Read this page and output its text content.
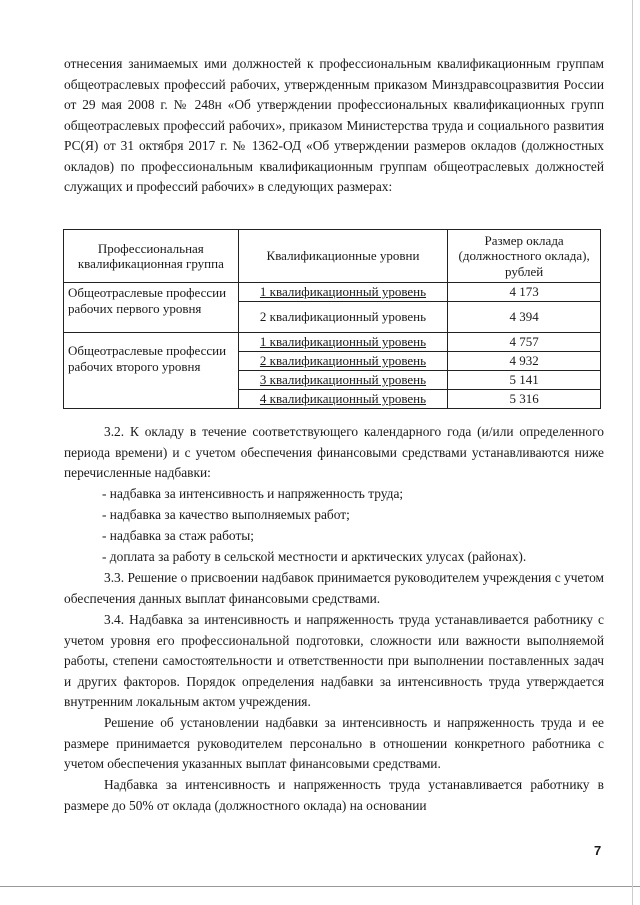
отнесения занимаемых ими должностей к профессиональным квалификационным группам общеотраслевых профессий рабочих, утвержденным приказом Минздравсоцразвития России от 29 мая 2008 г. № 248н «Об утверждении профессиональных квалификационных групп общеотраслевых профессий рабочих», приказом Министерства труда и социального развития РС(Я) от 31 октября 2017 г. № 1362-ОД «Об утверждении размеров окладов (должностных окладов) по профессиональным квалификационным группам общеотраслевых должностей служащих и профессий рабочих» в следующих размерах:

Профессиональная квалификационная группа	Квалификационные уровни	Размер оклада (должностного оклада), рублей
Общеотраслевые профессии рабочих первого уровня	1 квалификационный уровень	4 173
	2 квалификационный уровень	4 394
Общеотраслевые профессии рабочих второго уровня	1 квалификационный уровень	4 757
	2 квалификационный уровень	4 932
	3 квалификационный уровень	5 141
	4 квалификационный уровень	5 316

3.2. К окладу в течение соответствующего календарного года (и/или определенного периода времени) и с учетом обеспечения финансовыми средствами устанавливаются ниже перечисленные надбавки:

- надбавка за интенсивность и напряженность труда;

- надбавка за качество выполняемых работ;

- надбавка за стаж работы;

- доплата за работу в сельской местности и арктических улусах (районах).

3.3. Решение о присвоении надбавок принимается руководителем учреждения с учетом обеспечения данных выплат финансовыми средствами.

3.4. Надбавка за интенсивность и напряженность труда устанавливается работнику с учетом уровня его профессиональной подготовки, сложности или важности выполняемой работы, степени самостоятельности и ответственности при выполнении поставленных задач и других факторов. Порядок определения надбавки за интенсивность труда утверждается внутренним локальным актом учреждения.

Решение об установлении надбавки за интенсивность и напряженность труда и ее размере принимается руководителем персонально в отношении конкретного работника с учетом обеспечения указанных выплат финансовыми средствами.

Надбавка за интенсивность и напряженность труда устанавливается работнику в размере до 50% от оклада (должностного оклада) на основании

7
